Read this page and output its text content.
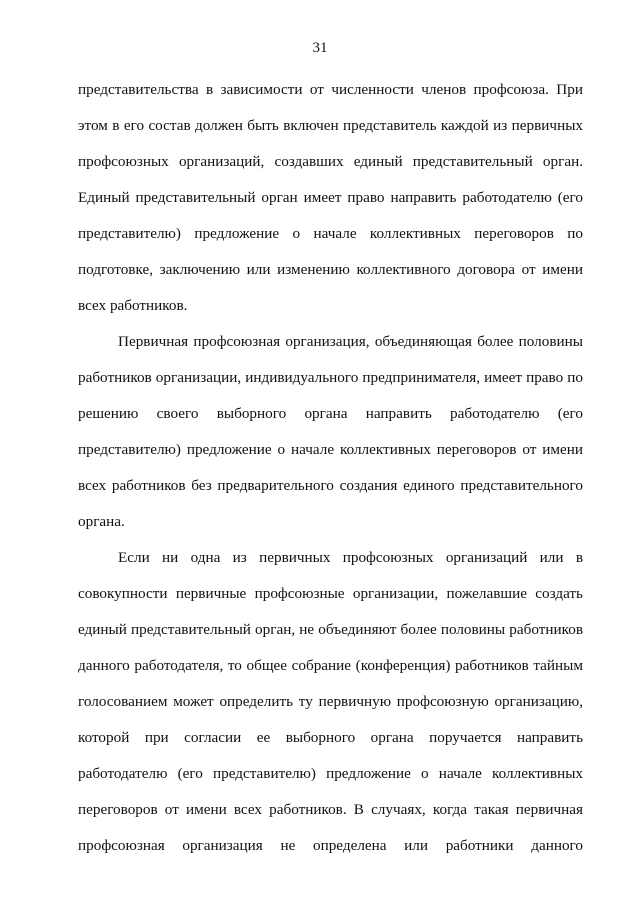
31
представительства в зависимости от численности членов профсоюза. При
этом в его состав должен быть включен представитель каждой из первичных
профсоюзных организаций, создавших единый представительный орган.
Единый представительный орган имеет право направить работодателю (его
представителю) предложение о начале коллективных переговоров по
подготовке, заключению или изменению коллективного договора от имени
всех работников.
Первичная профсоюзная организация, объединяющая более половины
работников организации, индивидуального предпринимателя, имеет право по
решению своего выборного органа направить работодателю (его
представителю) предложение о начале коллективных переговоров от имени
всех работников без предварительного создания единого представительного
органа.
Если ни одна из первичных профсоюзных организаций или в
совокупности первичные профсоюзные организации, пожелавшие создать
единый представительный орган, не объединяют более половины работников
данного работодателя, то общее собрание (конференция) работников тайным
голосованием может определить ту первичную профсоюзную организацию,
которой при согласии ее выборного органа поручается направить
работодателю (его представителю) предложение о начале коллективных
переговоров от имени всех работников. В случаях, когда такая первичная
профсоюзная организация не определена или работники данного
